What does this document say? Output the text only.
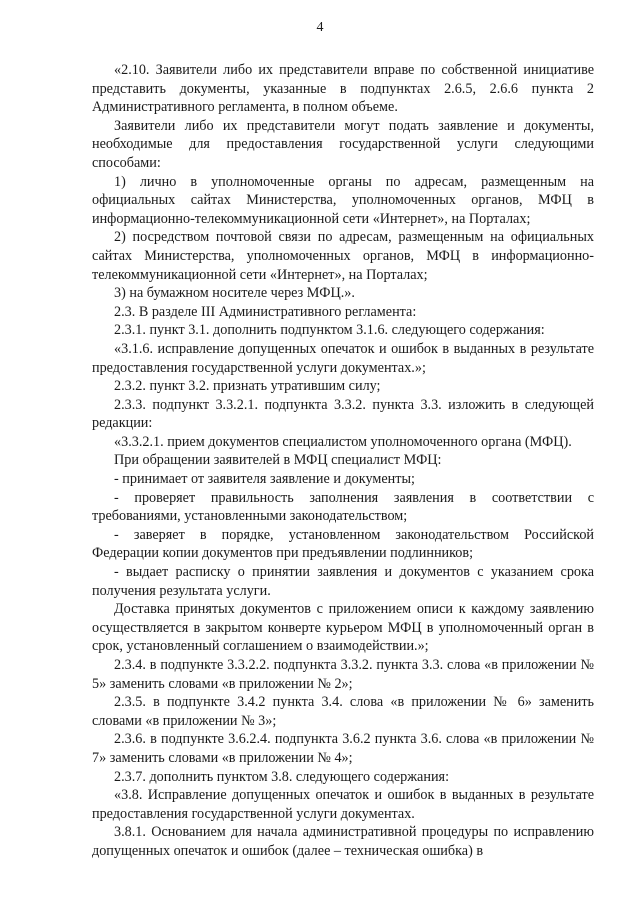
4

«2.10. Заявители либо их представители вправе по собственной инициативе представить документы, указанные в подпунктах 2.6.5, 2.6.6 пункта 2 Административного регламента, в полном объеме.

Заявители либо их представители могут подать заявление и документы, необходимые для предоставления государственной услуги следующими способами:

1) лично в уполномоченные органы по адресам, размещенным на официальных сайтах Министерства, уполномоченных органов, МФЦ в информационно-телекоммуникационной сети «Интернет», на Порталах;

2) посредством почтовой связи по адресам, размещенным на официальных сайтах Министерства, уполномоченных органов, МФЦ в информационно-телекоммуникационной сети «Интернет», на Порталах;

3) на бумажном носителе через МФЦ.».

2.3. В разделе III Административного регламента:

2.3.1. пункт 3.1. дополнить подпунктом 3.1.6. следующего содержания:

«3.1.6. исправление допущенных опечаток и ошибок в выданных в результате предоставления государственной услуги документах.»;

2.3.2. пункт 3.2. признать утратившим силу;

2.3.3. подпункт 3.3.2.1. подпункта 3.3.2. пункта 3.3. изложить в следующей редакции:

«3.3.2.1. прием документов специалистом уполномоченного органа (МФЦ).

При обращении заявителей в МФЦ специалист МФЦ:

- принимает от заявителя заявление и документы;

- проверяет правильность заполнения заявления в соответствии с требованиями, установленными законодательством;

- заверяет в порядке, установленном законодательством Российской Федерации копии документов при предъявлении подлинников;

- выдает расписку о принятии заявления и документов с указанием срока получения результата услуги.

Доставка принятых документов с приложением описи к каждому заявлению осуществляется в закрытом конверте курьером МФЦ в уполномоченный орган в срок, установленный соглашением о взаимодействии.»;

2.3.4. в подпункте 3.3.2.2. подпункта 3.3.2. пункта 3.3. слова «в приложении № 5» заменить словами «в приложении № 2»;

2.3.5. в подпункте 3.4.2 пункта 3.4. слова «в приложении № 6» заменить словами «в приложении № 3»;

2.3.6. в подпункте 3.6.2.4. подпункта 3.6.2 пункта 3.6. слова «в приложении № 7» заменить словами «в приложении № 4»;

2.3.7. дополнить пунктом 3.8. следующего содержания:

«3.8. Исправление допущенных опечаток и ошибок в выданных в результате предоставления государственной услуги документах.

3.8.1. Основанием для начала административной процедуры по исправлению допущенных опечаток и ошибок (далее – техническая ошибка) в
